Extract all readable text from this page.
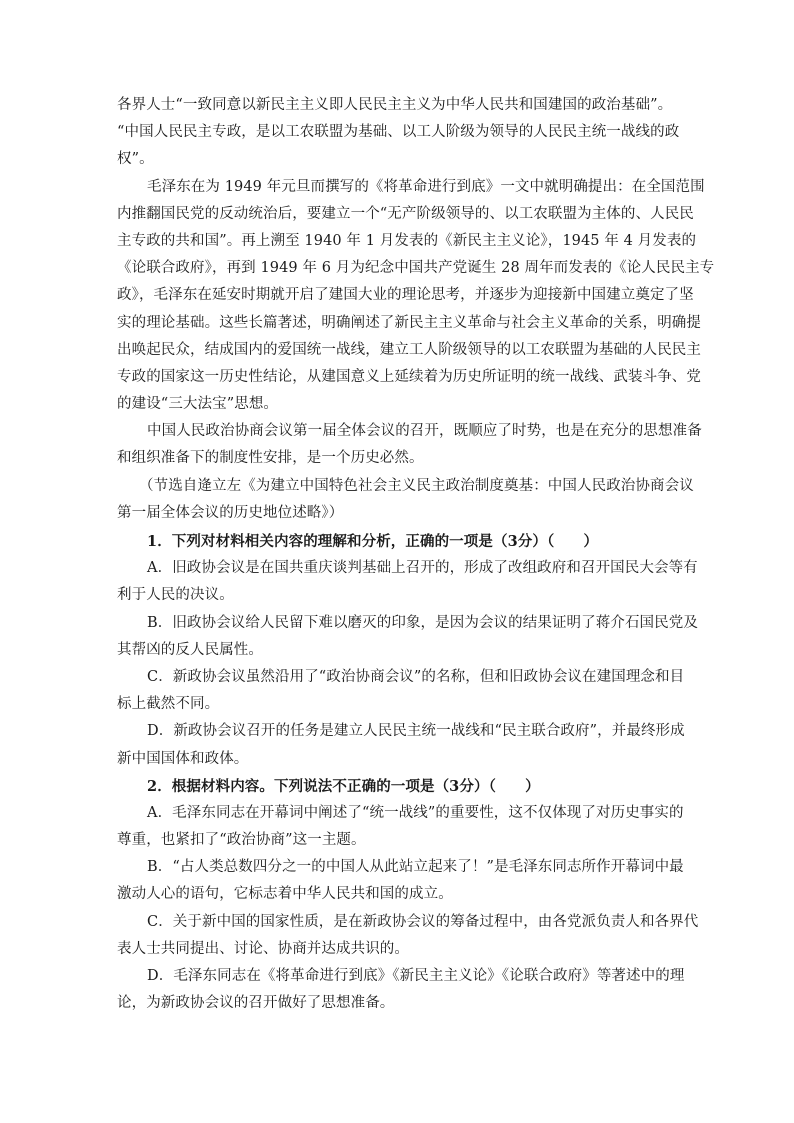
各界人士“一致同意以新民主主义即人民民主主义为中华人民共和国建国的政治基础”。
“中国人民民主专政，是以工农联盟为基础、以工人阶级为领导的人民民主统一战线的政
权”。
毛泽东在为 1949 年元旦而撰写的《将革命进行到底》一文中就明确提出：在全国范围
内推翻国民党的反动统治后，要建立一个“无产阶级领导的、以工农联盟为主体的、人民民
主专政的共和国”。再上溯至 1940 年 1 月发表的《新民主主义论》，1945 年 4 月发表的
《论联合政府》，再到 1949 年 6 月为纪念中国共产党诞生 28 周年而发表的《论人民民主专
政》，毛泽东在延安时期就开启了建国大业的理论思考，并逐步为迎接新中国建立奠定了坚
实的理论基础。这些长篇著述，明确阐述了新民主主义革命与社会主义革命的关系，明确提
出唤起民众，结成国内的爱国统一战线，建立工人阶级领导的以工农联盟为基础的人民民主
专政的国家这一历史性结论，从建国意义上延续着为历史所证明的统一战线、武装斗争、党
的建设“三大法宝”思想。
中国人民政治协商会议第一届全体会议的召开，既顺应了时势，也是在充分的思想准备
和组织准备下的制度性安排，是一个历史必然。
（节选自逄立左《为建立中国特色社会主义民主政治制度奠基：中国人民政治协商会议
第一届全体会议的历史地位述略》）
1．下列对材料相关内容的理解和分析，正确的一项是（3分）（　　）
A．旧政协会议是在国共重庆谈判基础上召开的，形成了改组政府和召开国民大会等有
利于人民的决议。
B．旧政协会议给人民留下难以磨灭的印象，是因为会议的结果证明了蒋介石国民党及
其帮凶的反人民属性。
C．新政协会议虽然沿用了“政治协商会议”的名称，但和旧政协会议在建国理念和目
标上截然不同。
D．新政协会议召开的任务是建立人民民主统一战线和“民主联合政府”，并最终形成
新中国国体和政体。
2．根据材料内容。下列说法不正确的一项是（3分）（　　）
A．毛泽东同志在开幕词中阐述了“统一战线”的重要性，这不仅体现了对历史事实的
尊重，也紧扣了“政治协商”这一主题。
B．“占人类总数四分之一的中国人从此站立起来了！”是毛泽东同志所作开幕词中最
激动人心的语句，它标志着中华人民共和国的成立。
C．关于新中国的国家性质，是在新政协会议的筹备过程中，由各党派负责人和各界代
表人士共同提出、讨论、协商并达成共识的。
D．毛泽东同志在《将革命进行到底》《新民主主义论》《论联合政府》等著述中的理
论，为新政协会议的召开做好了思想准备。
